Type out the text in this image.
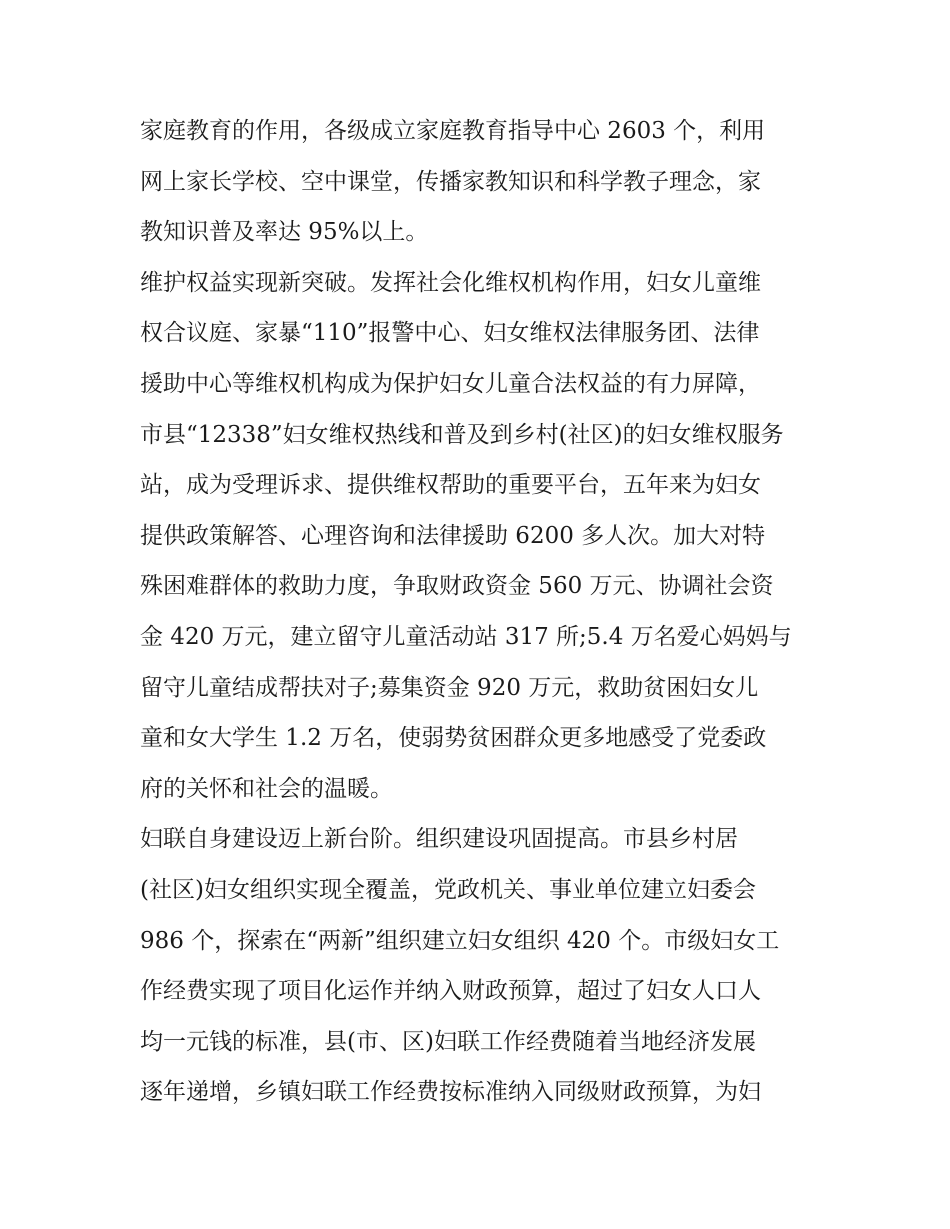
家庭教育的作用，各级成立家庭教育指导中心 2603 个，利用
网上家长学校、空中课堂，传播家教知识和科学教子理念，家
教知识普及率达 95%以上。
维护权益实现新突破。发挥社会化维权机构作用，妇女儿童维
权合议庭、家暴“110”报警中心、妇女维权法律服务团、法律
援助中心等维权机构成为保护妇女儿童合法权益的有力屏障，
市县“12338”妇女维权热线和普及到乡村(社区)的妇女维权服务
站，成为受理诉求、提供维权帮助的重要平台，五年来为妇女
提供政策解答、心理咨询和法律援助 6200 多人次。加大对特
殊困难群体的救助力度，争取财政资金 560 万元、协调社会资
金 420 万元，建立留守儿童活动站 317 所;5.4 万名爱心妈妈与
留守儿童结成帮扶对子;募集资金 920 万元，救助贫困妇女儿
童和女大学生 1.2 万名，使弱势贫困群众更多地感受了党委政
府的关怀和社会的温暖。
妇联自身建设迈上新台阶。组织建设巩固提高。市县乡村居
(社区)妇女组织实现全覆盖，党政机关、事业单位建立妇委会
986 个，探索在“两新”组织建立妇女组织 420 个。市级妇女工
作经费实现了项目化运作并纳入财政预算，超过了妇女人口人
均一元钱的标准，县(市、区)妇联工作经费随着当地经济发展
逐年递增，乡镇妇联工作经费按标准纳入同级财政预算，为妇
